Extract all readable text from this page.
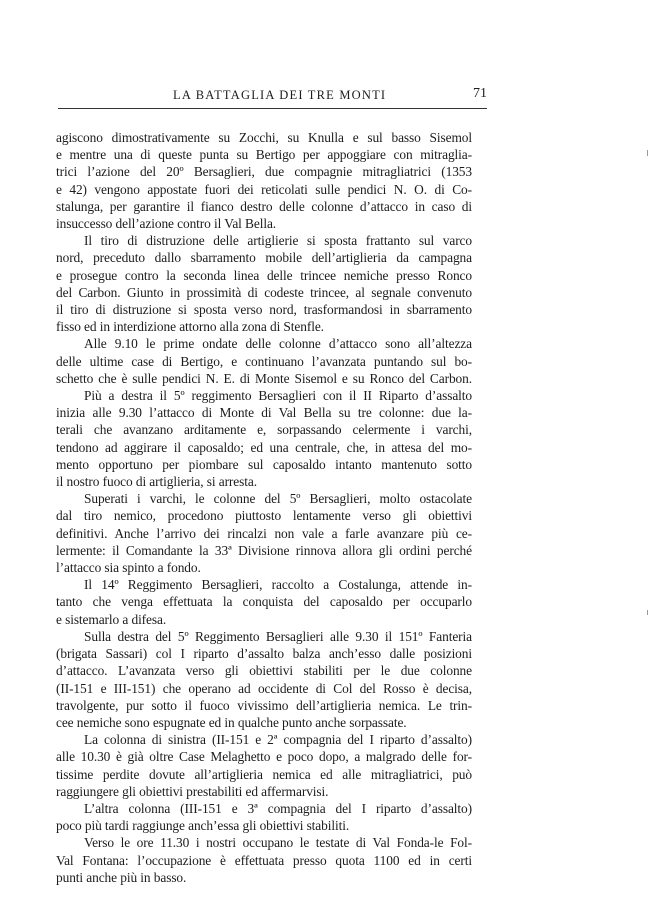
LA BATTAGLIA DEI TRE MONTI	71
agiscono dimostrativamente su Zocchi, su Knulla e sul basso Sisemol
e mentre una di queste punta su Bertigo per appoggiare con mitraglia-
trici l’azione del 20º Bersaglieri, due compagnie mitragliatrici (1353
e 42) vengono appostate fuori dei reticolati sulle pendici N. O. di Co-
stalunga, per garantire il fianco destro delle colonne d’attacco in caso di
insuccesso dell’azione contro il Val Bella.
Il tiro di distruzione delle artiglierie si sposta frattanto sul varco
nord, preceduto dallo sbarramento mobile dell’artiglieria da campagna
e prosegue contro la seconda linea delle trincee nemiche presso Ronco
del Carbon. Giunto in prossimità di codeste trincee, al segnale convenuto
il tiro di distruzione si sposta verso nord, trasformandosi in sbarramento
fisso ed in interdizione attorno alla zona di Stenfle.
Alle 9.10 le prime ondate delle colonne d’attacco sono all’altezza
delle ultime case di Bertigo, e continuano l’avanzata puntando sul bo-
schetto che è sulle pendici N. E. di Monte Sisemol e su Ronco del Carbon.
Più a destra il 5º reggimento Bersaglieri con il II Riparto d’assalto
inizia alle 9.30 l’attacco di Monte di Val Bella su tre colonne: due la-
terali che avanzano arditamente e, sorpassando celermente i varchi,
tendono ad aggirare il caposaldo; ed una centrale, che, in attesa del mo-
mento opportuno per piombare sul caposaldo intanto mantenuto sotto
il nostro fuoco di artiglieria, si arresta.
Superati i varchi, le colonne del 5º Bersaglieri, molto ostacolate
dal tiro nemico, procedono piuttosto lentamente verso gli obiettivi
definitivi. Anche l’arrivo dei rincalzi non vale a farle avanzare più ce-
lermente: il Comandante la 33ª Divisione rinnova allora gli ordini perché
l’attacco sia spinto a fondo.
Il 14º Reggimento Bersaglieri, raccolto a Costalunga, attende in-
tanto che venga effettuata la conquista del caposaldo per occuparlo
e sistemarlo a difesa.
Sulla destra del 5º Reggimento Bersaglieri alle 9.30 il 151º Fanteria
(brigata Sassari) col I riparto d’assalto balza anch’esso dalle posizioni
d’attacco. L’avanzata verso gli obiettivi stabiliti per le due colonne
(II-151 e III-151) che operano ad occidente di Col del Rosso è decisa,
travolgente, pur sotto il fuoco vivissimo dell’artiglieria nemica. Le trin-
cee nemiche sono espugnate ed in qualche punto anche sorpassate.
La colonna di sinistra (II-151 e 2ª compagnia del I riparto d’assalto)
alle 10.30 è già oltre Case Melaghetto e poco dopo, a malgrado delle for-
tissime perdite dovute all’artiglieria nemica ed alle mitragliatrici, può
raggiungere gli obiettivi prestabiliti ed affermarvisi.
L’altra colonna (III-151 e 3ª compagnia del I riparto d’assalto)
poco più tardi raggiunge anch’essa gli obiettivi stabiliti.
Verso le ore 11.30 i nostri occupano le testate di Val Fonda-le Fol-
Val Fontana: l’occupazione è effettuata presso quota 1100 ed in certi
punti anche più in basso.
